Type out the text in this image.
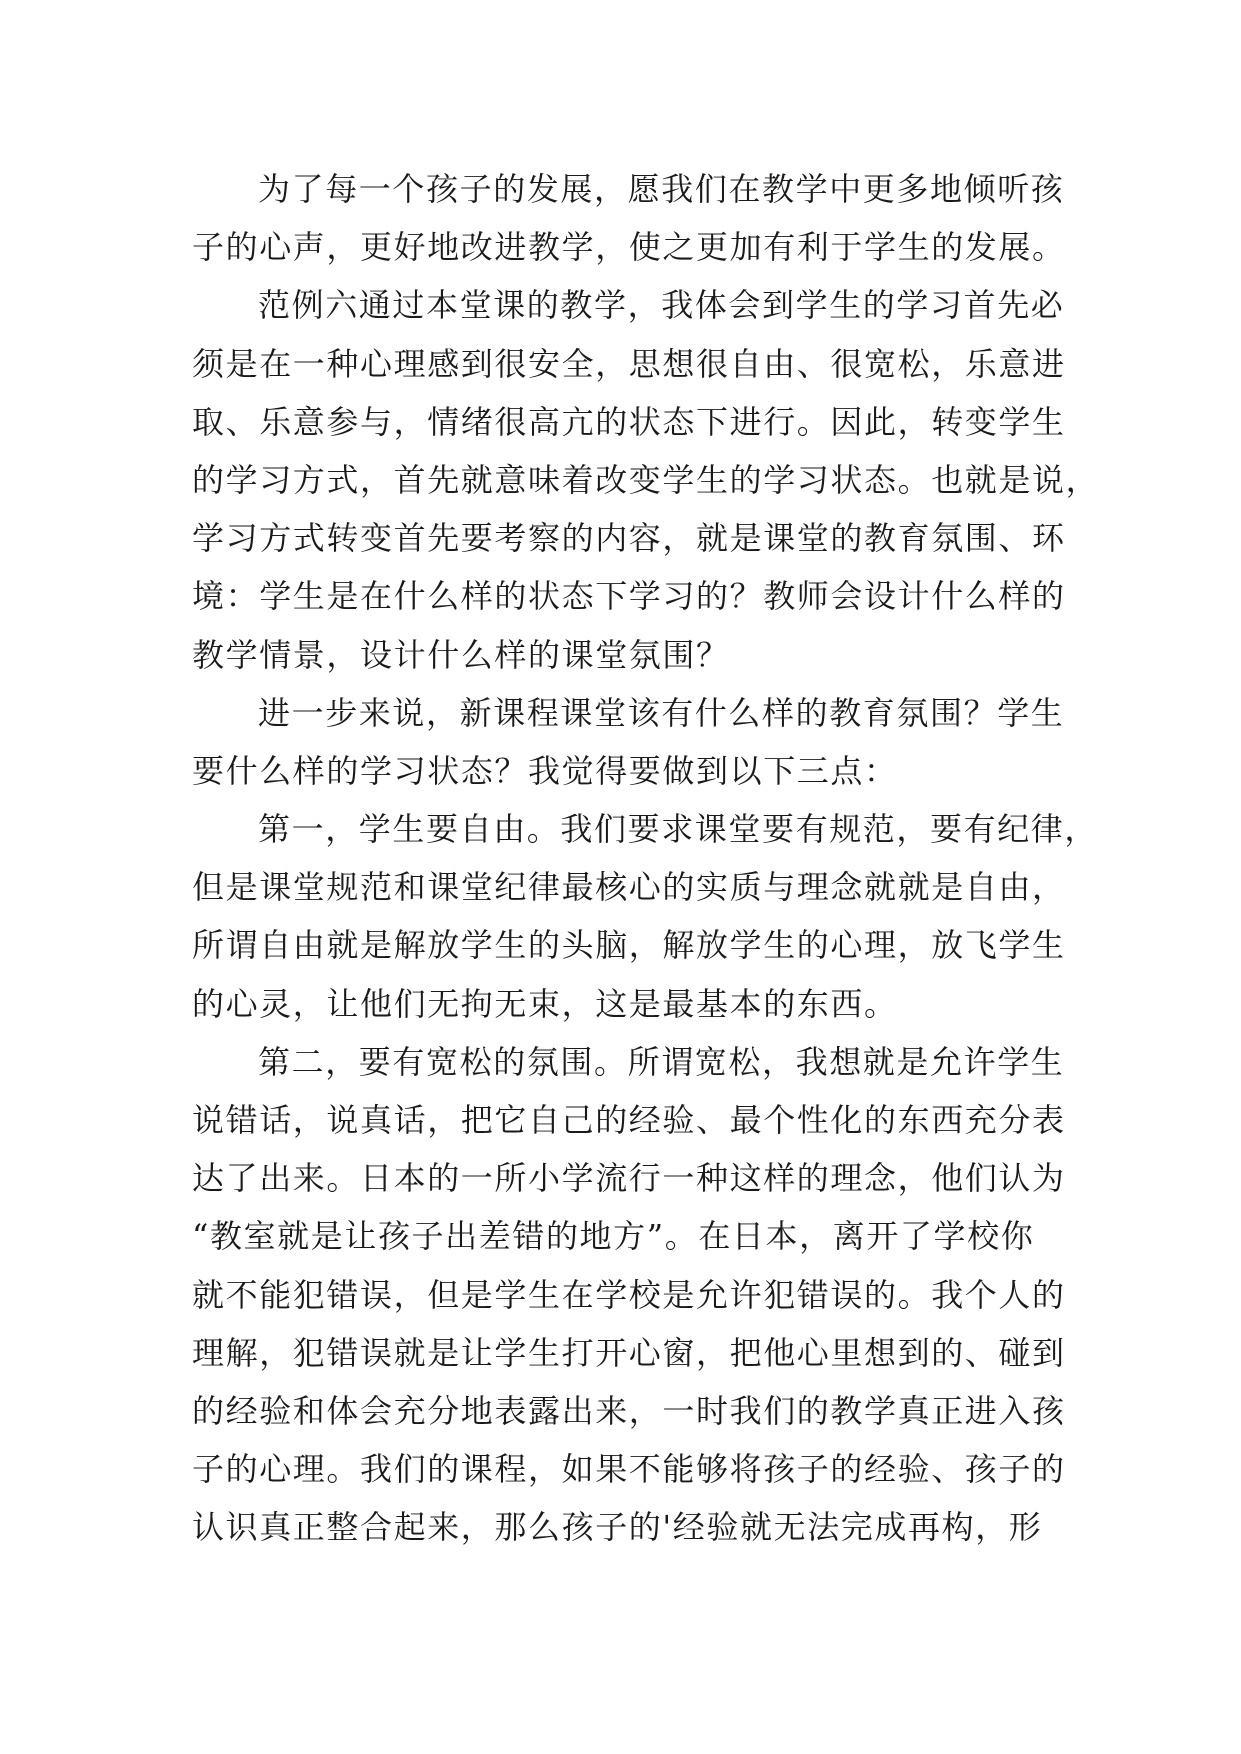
为了每一个孩子的发展，愿我们在教学中更多地倾听孩
子的心声，更好地改进教学，使之更加有利于学生的发展。
范例六通过本堂课的教学，我体会到学生的学习首先必
须是在一种心理感到很安全，思想很自由、很宽松，乐意进
取、乐意参与，情绪很高亢的状态下进行。因此，转变学生
的学习方式，首先就意味着改变学生的学习状态。也就是说，
学习方式转变首先要考察的内容，就是课堂的教育氛围、环
境：学生是在什么样的状态下学习的？教师会设计什么样的
教学情景，设计什么样的课堂氛围？
进一步来说，新课程课堂该有什么样的教育氛围？学生
要什么样的学习状态？我觉得要做到以下三点：
第一，学生要自由。我们要求课堂要有规范，要有纪律，
但是课堂规范和课堂纪律最核心的实质与理念就就是自由，
所谓自由就是解放学生的头脑，解放学生的心理，放飞学生
的心灵，让他们无拘无束，这是最基本的东西。
第二，要有宽松的氛围。所谓宽松，我想就是允许学生
说错话，说真话，把它自己的经验、最个性化的东西充分表
达了出来。日本的一所小学流行一种这样的理念，他们认为
“教室就是让孩子出差错的地方”。在日本，离开了学校你
就不能犯错误，但是学生在学校是允许犯错误的。我个人的
理解，犯错误就是让学生打开心窗，把他心里想到的、碰到
的经验和体会充分地表露出来，一时我们的教学真正进入孩
子的心理。我们的课程，如果不能够将孩子的经验、孩子的
认识真正整合起来，那么孩子的'经验就无法完成再构，形
